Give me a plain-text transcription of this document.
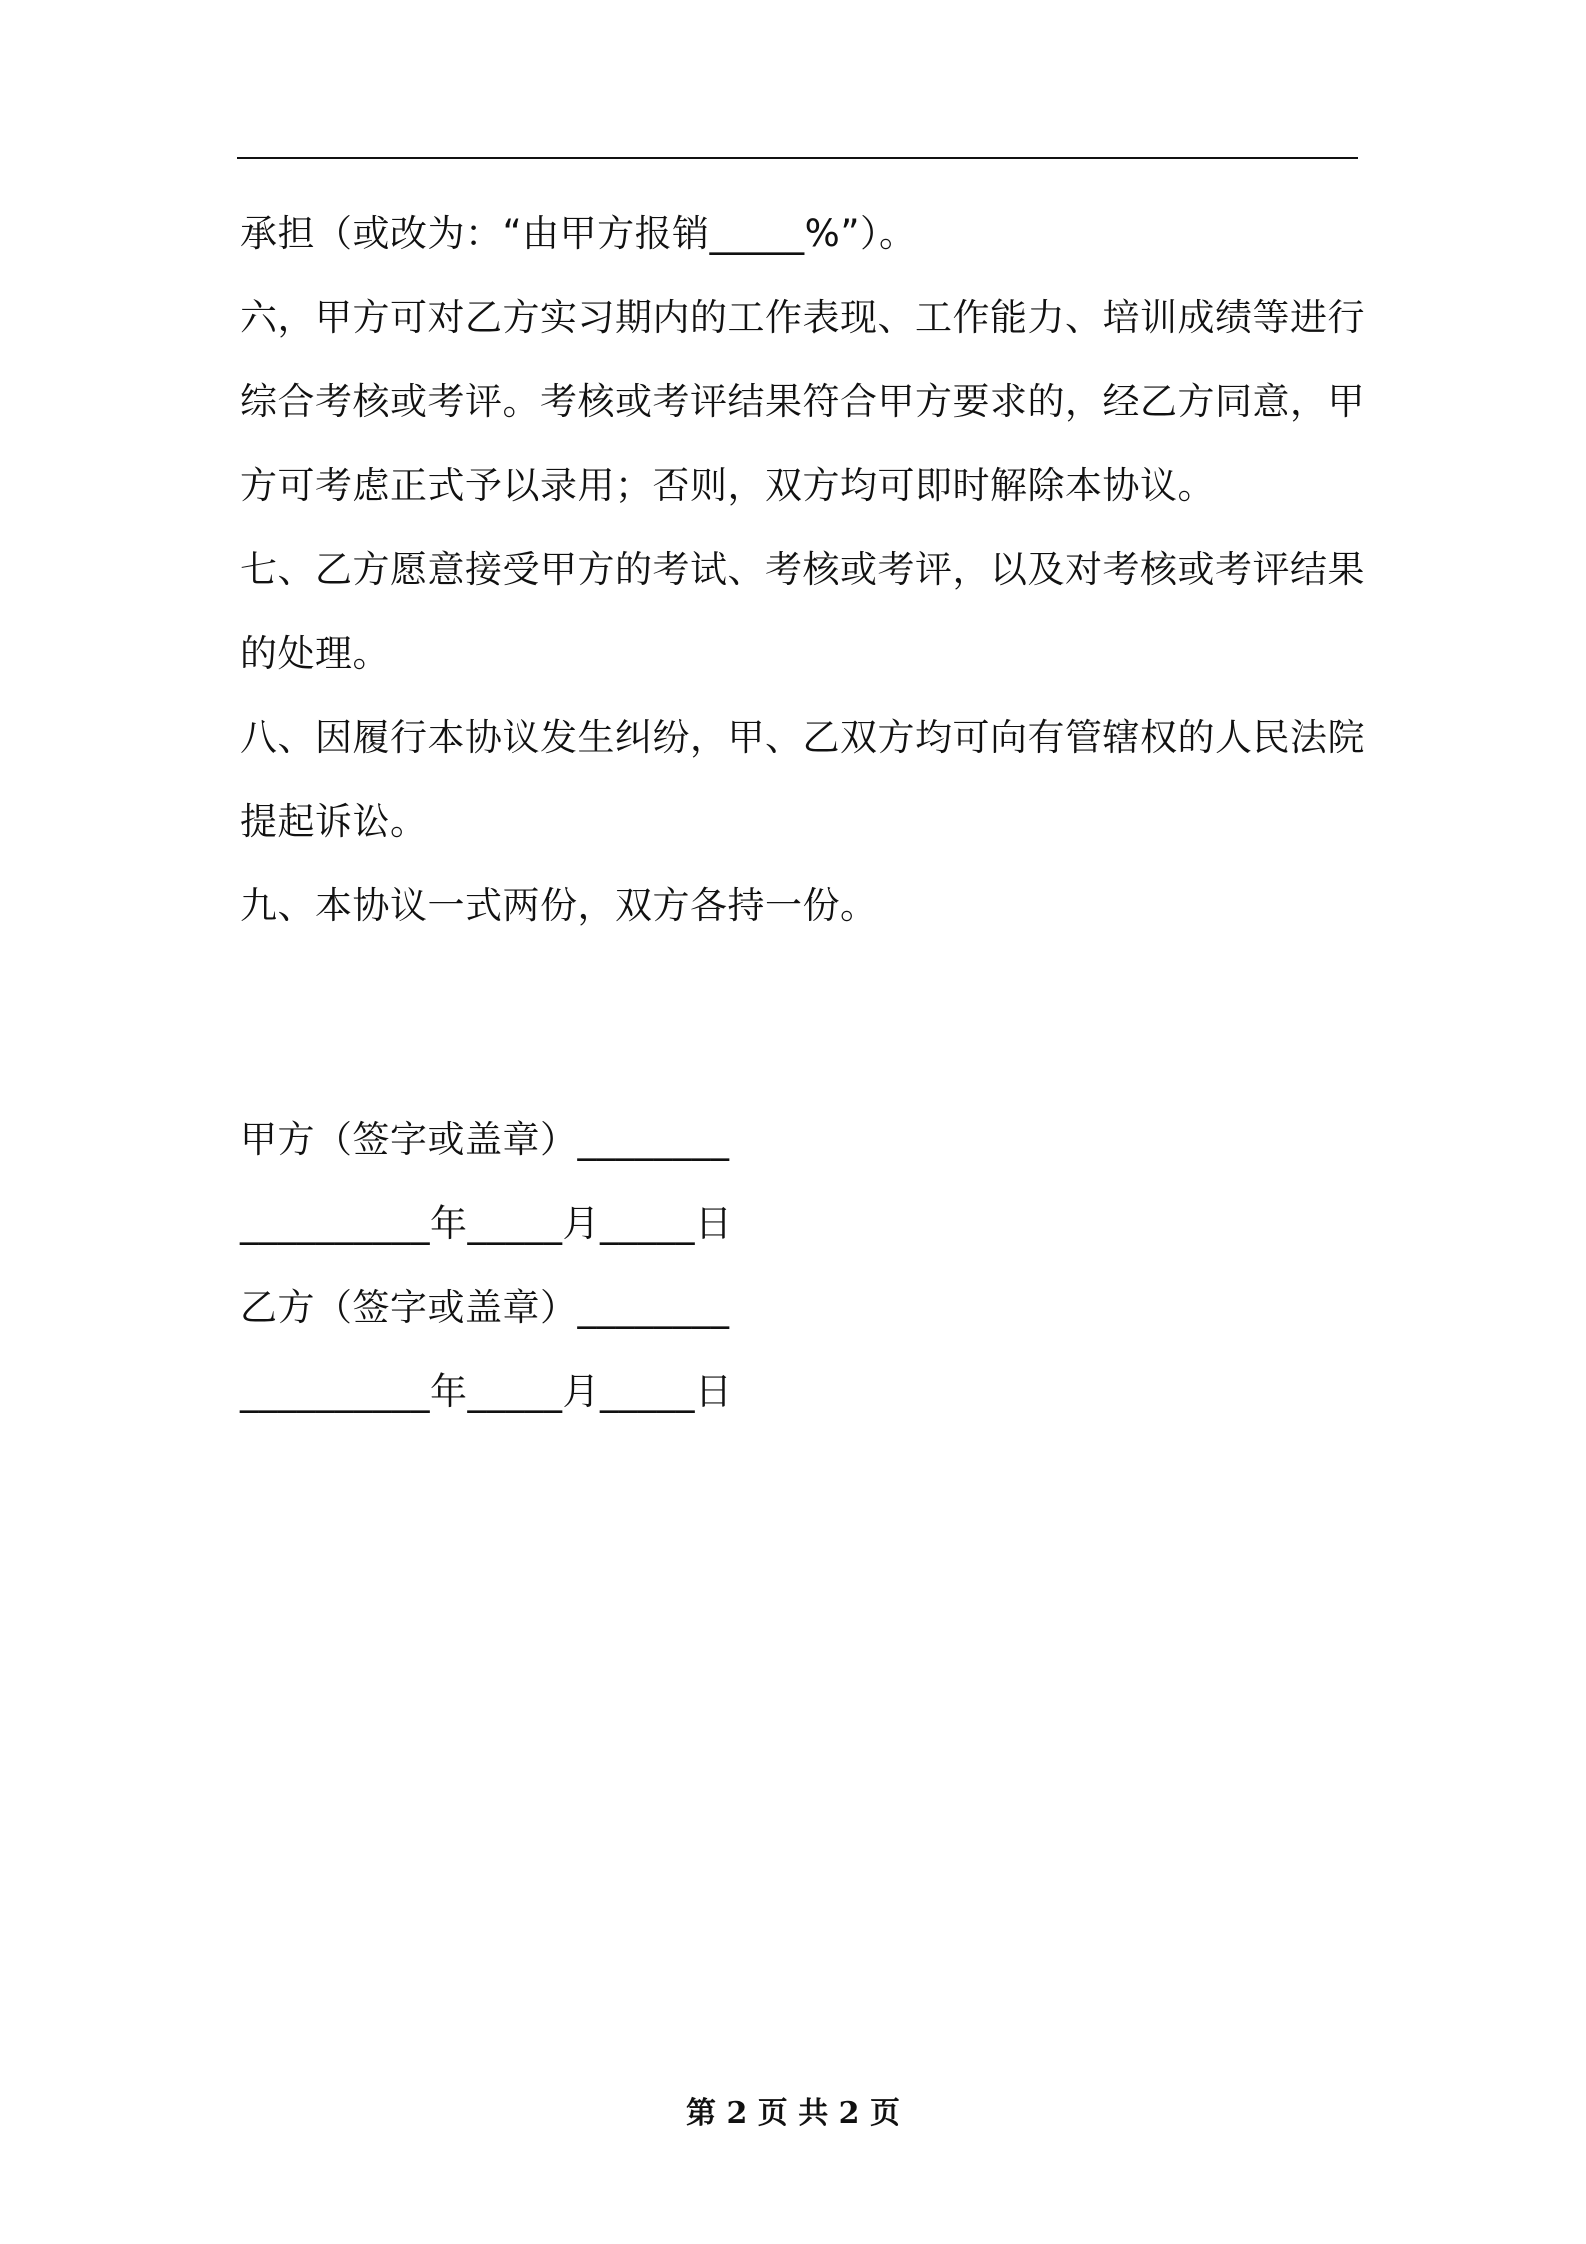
承担（或改为：“由甲方报销_____%”）。
六，甲方可对乙方实习期内的工作表现、工作能力、培训成绩等进行
综合考核或考评。考核或考评结果符合甲方要求的，经乙方同意，甲
方可考虑正式予以录用；否则，双方均可即时解除本协议。
七、乙方愿意接受甲方的考试、考核或考评，以及对考核或考评结果
的处理。
八、因履行本协议发生纠纷，甲、乙双方均可向有管辖权的人民法院
提起诉讼。
九、本协议一式两份，双方各持一份。
甲方（签字或盖章）________
__________年_____月_____日
乙方（签字或盖章）________
__________年_____月_____日
第 2 页 共 2 页
